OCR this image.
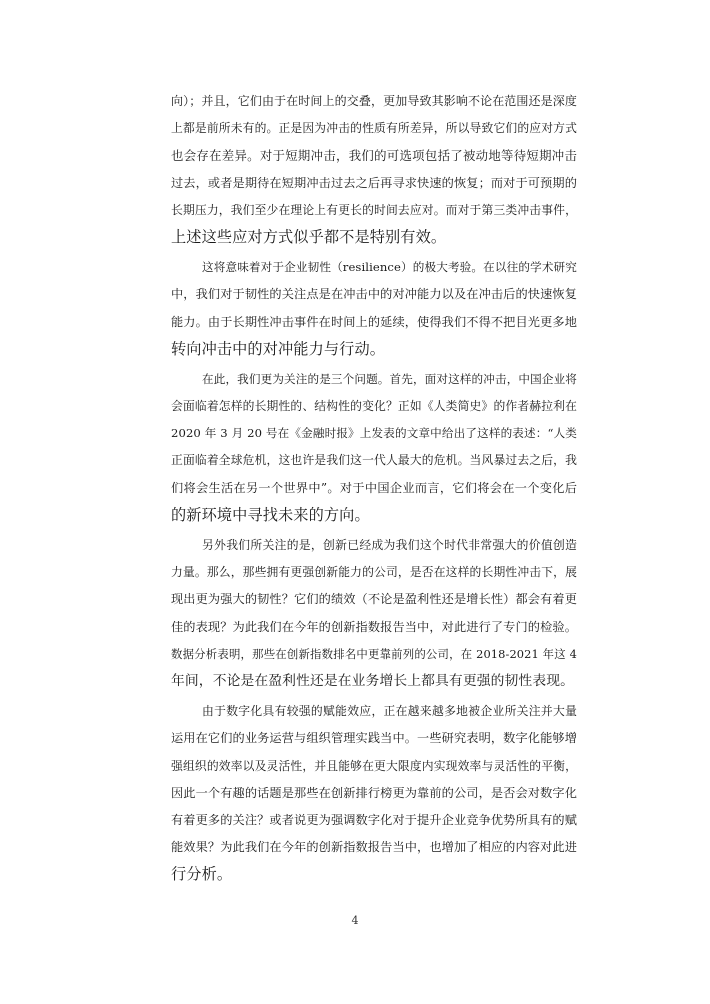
向）；并且，它们由于在时间上的交叠，更加导致其影响不论在范围还是深度
上都是前所未有的。正是因为冲击的性质有所差异，所以导致它们的应对方式
也会存在差异。对于短期冲击，我们的可选项包括了被动地等待短期冲击
过去，或者是期待在短期冲击过去之后再寻求快速的恢复；而对于可预期的
长期压力，我们至少在理论上有更长的时间去应对。而对于第三类冲击事件，
上述这些应对方式似乎都不是特别有效。

这将意味着对于企业韧性（resilience）的极大考验。在以往的学术研究
中，我们对于韧性的关注点是在冲击中的对冲能力以及在冲击后的快速恢复
能力。由于长期性冲击事件在时间上的延续，使得我们不得不把目光更多地
转向冲击中的对冲能力与行动。

在此，我们更为关注的是三个问题。首先，面对这样的冲击，中国企业将
会面临着怎样的长期性的、结构性的变化？正如《人类简史》的作者赫拉利在
2020 年 3 月 20 号在《金融时报》上发表的文章中给出了这样的表述：“人类
正面临着全球危机，这也许是我们这一代人最大的危机。当风暴过去之后，我
们将会生活在另一个世界中”。对于中国企业而言，它们将会在一个变化后
的新环境中寻找未来的方向。

另外我们所关注的是，创新已经成为我们这个时代非常强大的价值创造
力量。那么，那些拥有更强创新能力的公司，是否在这样的长期性冲击下，展
现出更为强大的韧性？它们的绩效（不论是盈利性还是增长性）都会有着更
佳的表现？为此我们在今年的创新指数报告当中，对此进行了专门的检验。
数据分析表明，那些在创新指数排名中更靠前列的公司，在 2018-2021 年这 4
年间，不论是在盈利性还是在业务增长上都具有更强的韧性表现。

由于数字化具有较强的赋能效应，正在越来越多地被企业所关注并大量
运用在它们的业务运营与组织管理实践当中。一些研究表明，数字化能够增
强组织的效率以及灵活性，并且能够在更大限度内实现效率与灵活性的平衡，
因此一个有趣的话题是那些在创新排行榜更为靠前的公司，是否会对数字化
有着更多的关注？或者说更为强调数字化对于提升企业竞争优势所具有的赋
能效果？为此我们在今年的创新指数报告当中，也增加了相应的内容对此进
行分析。

4
